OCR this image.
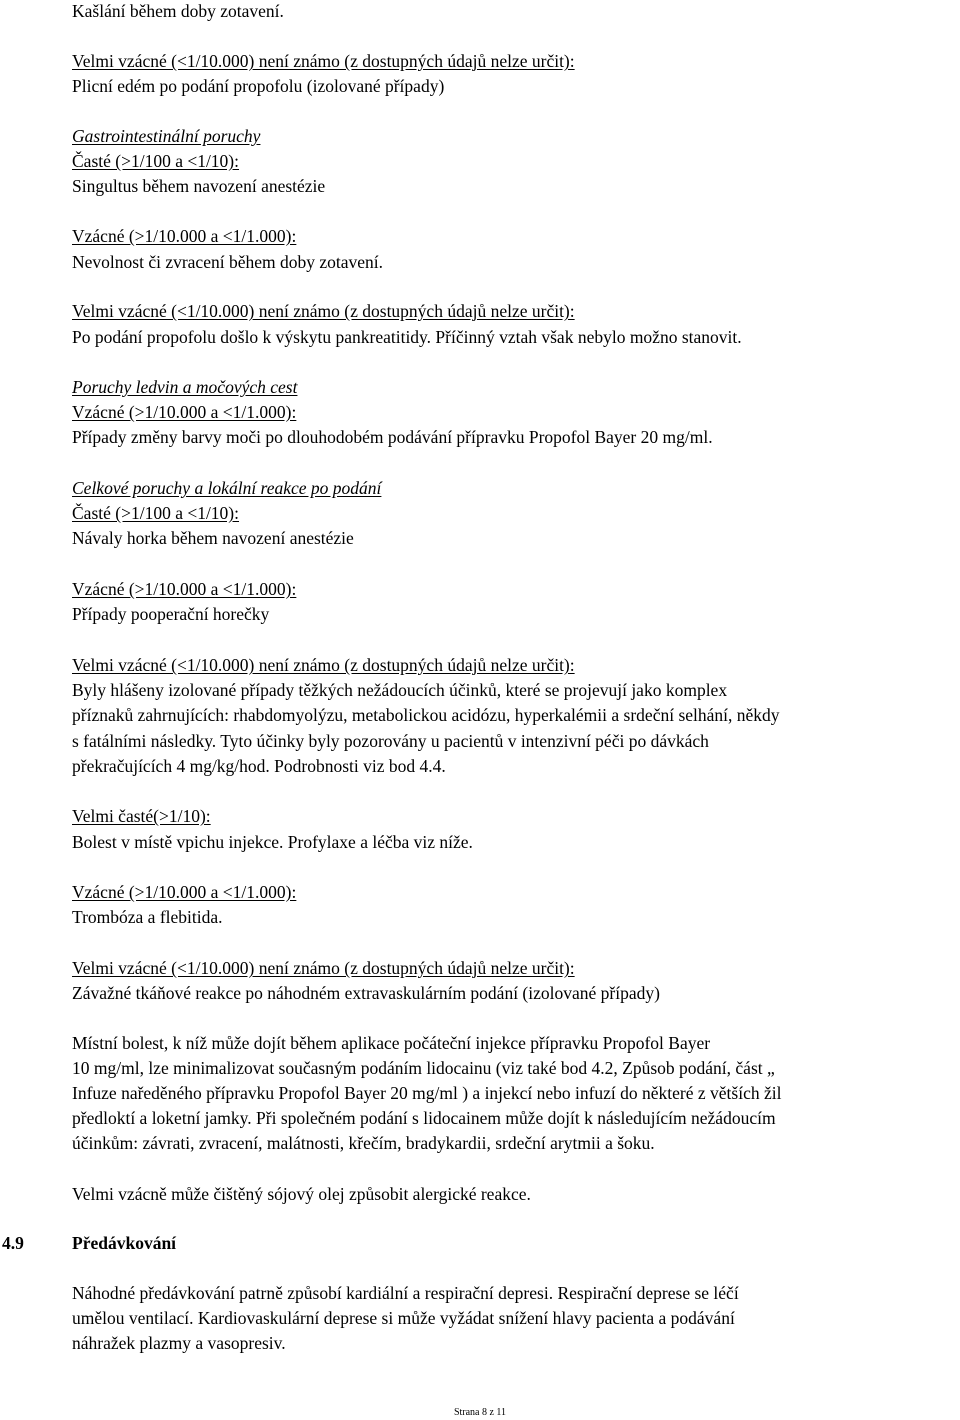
Kašlání během doby zotavení.
Velmi vzácné (<1/10.000) není známo (z dostupných údajů nelze určit):
Plicní edém po podání propofolu (izolované případy)
Gastrointestinální poruchy
Časté (>1/100 a <1/10):
Singultus během navození anestézie
Vzácné (>1/10.000 a <1/1.000):
Nevolnost či zvracení během doby zotavení.
Velmi vzácné (<1/10.000) není známo (z dostupných údajů nelze určit):
Po podání propofolu došlo k výskytu pankreatitidy. Příčinný vztah však nebylo možno stanovit.
Poruchy ledvin a močových cest
Vzácné (>1/10.000 a <1/1.000):
Případy změny barvy moči po dlouhodobém podávání přípravku Propofol Bayer 20 mg/ml.
Celkové poruchy a lokální reakce po podání
Časté (>1/100 a <1/10):
Návaly horka během navození anestézie
Vzácné (>1/10.000 a <1/1.000):
Případy pooperační horečky
Velmi vzácné (<1/10.000) není známo (z dostupných údajů nelze určit):
Byly hlášeny izolované případy těžkých nežádoucích účinků, které se projevují jako komplex
příznaků zahrnujících: rhabdomyolýzu, metabolickou acidózu, hyperkalémii a srdeční selhání, někdy
s fatálními následky. Tyto účinky byly pozorovány u pacientů v intenzivní péči po dávkách
překračujících 4 mg/kg/hod. Podrobnosti viz bod 4.4.
Velmi časté(>1/10):
Bolest v místě vpichu injekce. Profylaxe a léčba viz níže.
Vzácné (>1/10.000 a <1/1.000):
Trombóza a flebitida.
Velmi vzácné (<1/10.000) není známo (z dostupných údajů nelze určit):
Závažné tkáňové reakce po náhodném extravaskulárním podání (izolované případy)
Místní bolest, k níž může dojít během aplikace počáteční injekce přípravku Propofol Bayer
10 mg/ml, lze minimalizovat současným podáním lidocainu (viz také bod 4.2, Způsob podání, část „
Infuze naředěného přípravku Propofol Bayer 20 mg/ml ) a injekcí nebo infuzí do některé z větších žil
předloktí a loketní jamky. Při společném podání s lidocainem může dojít k následujícím nežádoucím
účinkům: závrati, zvracení, malátnosti, křečím, bradykardii, srdeční arytmii a šoku.
Velmi vzácně může čištěný sójový olej způsobit alergické reakce.
4.9	Předávkování
Náhodné předávkování patrně způsobí kardiální a respirační depresi. Respirační deprese se léčí
umělou ventilací. Kardiovaskulární deprese si může vyžádat snížení hlavy pacienta a podávání
náhražek plazmy a vasopresiv.
Strana 8 z 11
